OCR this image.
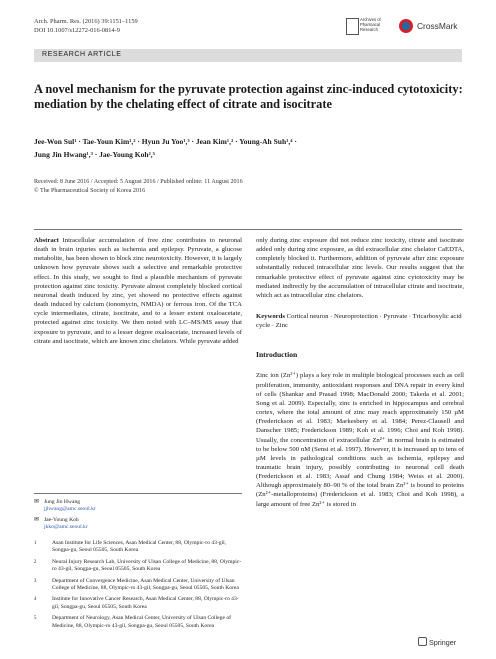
Arch. Pharm. Res. (2016) 39:1151–1159
DOI 10.1007/s12272-016-0814-9
Archives of Pharmacal Research	CrossMark
RESEARCH ARTICLE
A novel mechanism for the pyruvate protection against zinc-induced cytotoxicity: mediation by the chelating effect of citrate and isocitrate
Jee-Won Sul¹ · Tae-Youn Kim¹,² · Hyun Ju Yoo¹,³ · Jean Kim¹,² · Young-Ah Suh¹,⁴ ·
Jung Jin Hwang¹,³ · Jae-Young Koh²,⁵
Received: 8 June 2016 / Accepted: 5 August 2016 / Published online: 11 August 2016
© The Pharmaceutical Society of Korea 2016

Abstract Intracellular accumulation of free zinc contributes to neuronal death in brain injuries such as ischemia and epilepsy. Pyruvate, a glucose metabolite, has been shown to block zinc neurotoxicity. However, it is largely unknown how pyruvate shows such a selective and remarkable protective effect. In this study, we sought to find a plausible mechanism of pyruvate protection against zinc toxicity. Pyruvate almost completely blocked cortical neuronal death induced by zinc, yet showed no protective effects against death induced by calcium (ionomycin, NMDA) or ferrous iron. Of the TCA cycle intermediates, citrate, isocitrate, and to a lesser extent oxaloacetate, protected against zinc toxicity. We then noted with LC–MS/MS assay that exposure to pyruvate, and to a lesser degree oxaloacetate, increased levels of citrate and isocitrate, which are known zinc chelators. While pyruvate added

✉ Jung Jin Hwang
jjhwang@amc.seoul.kr
✉ Jae-Young Koh
jkko@amc.seoul.kr
1	Asan Institute for Life Sciences, Asan Medical Center, 88, Olympic-ro 43-gil, Songpa-gu, Seoul 05505, South Korea
2	Neural Injury Research Lab, University of Ulsan College of Medicine, 88, Olympic-ro 43-gil, Songpa-gu, Seoul 05505, South Korea
3	Department of Convergence Medicine, Asan Medical Center, University of Ulsan College of Medicine, 88, Olympic-ro 43-gil, Songpa-gu, Seoul 05505, South Korea
4	Institute for Innovative Cancer Research, Asan Medical Center, 88, Olympic-ro 43-gil, Songpa-gu, Seoul 05505, South Korea
5	Department of Neurology, Asan Medical Center, University of Ulsan College of Medicine, 88, Olympic-ro 43-gil, Songpa-gu, Seoul 05505, South Korea

only during zinc exposure did not reduce zinc toxicity, citrate and isocitrate added only during zinc exposure, as did extracellular zinc chelator CaEDTA, completely blocked it. Furthermore, addition of pyruvate after zinc exposure substantially reduced intracellular zinc levels. Our results suggest that the remarkable protective effect of pyruvate against zinc cytotoxicity may be mediated indirectly by the accumulation of intracellular citrate and isocitrate, which act as intracellular zinc chelators.

Keywords Cortical neuron · Neuroprotection · Pyruvate · Tricarboxylic acid cycle · Zinc

Introduction

Zinc ion (Zn²⁺) plays a key role in multiple biological processes such as cell proliferation, immunity, antioxidant responses and DNA repair in every kind of cells (Shankar and Prasad 1998; MacDonald 2000; Takeda et al. 2001; Song et al. 2009). Especially, zinc is enriched in hippocampus and cerebral cortex, where the total amount of zinc may reach approximately 150 µM (Frederickson et al. 1983; Markesbery et al. 1984; Perez-Clausell and Danscher 1985; Frederickson 1989; Koh et al. 1996; Choi and Koh 1998). Usually, the concentration of extracellular Zn²⁺ in normal brain is estimated to be below 500 nM (Sensi et al. 1997). However, it is increased up to tens of µM levels in pathological conditions such as ischemia, epilepsy and traumatic brain injury, possibly contributing to neuronal cell death (Frederickson et al. 1983; Assaf and Chung 1984; Weiss et al. 2000). Although approximately 80–90 % of the total brain Zn²⁺ is bound to proteins (Zn²⁺-metalloproteins) (Frederickson et al. 1983; Choi and Koh 1998), a large amount of free Zn²⁺ is stored in

Springer
